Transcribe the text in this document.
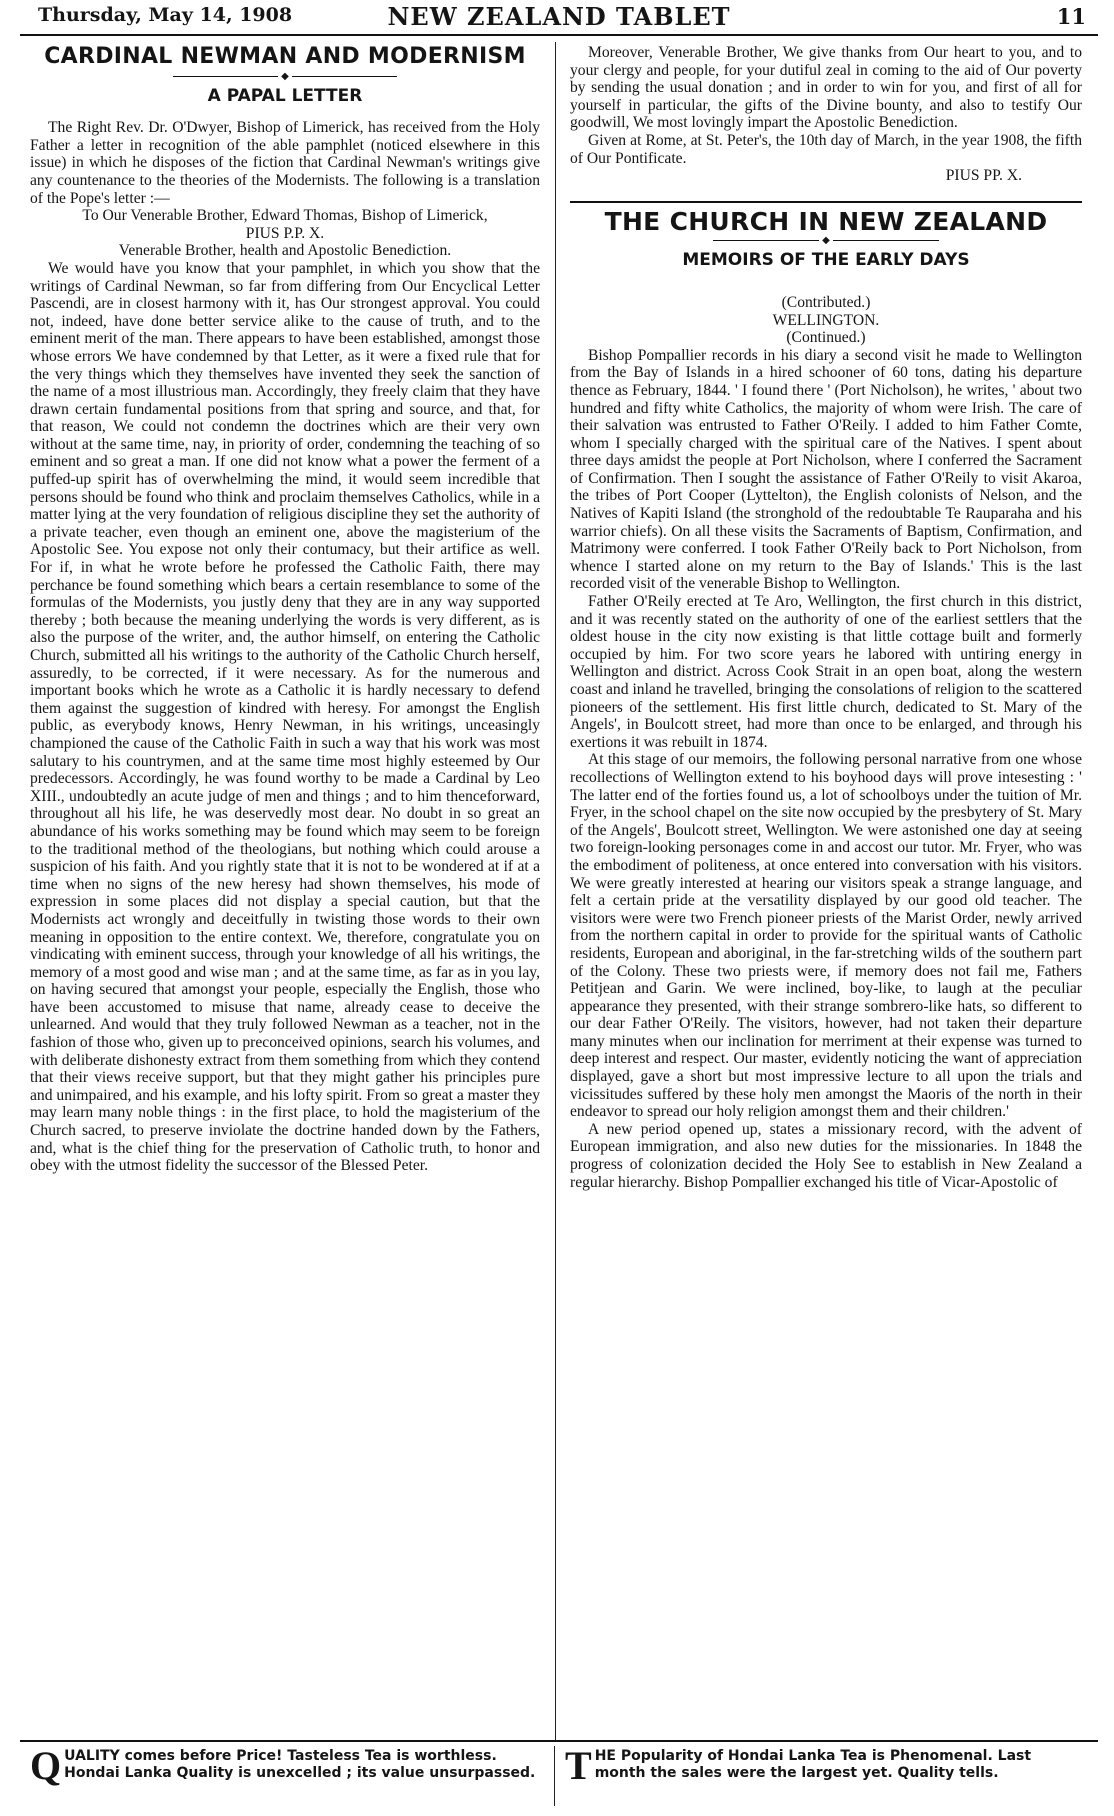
Thursday, May 14, 1908	NEW ZEALAND TABLET	11
CARDINAL NEWMAN AND MODERNISM
◆
A PAPAL LETTER

The Right Rev. Dr. O'Dwyer, Bishop of Limerick, has received from the Holy Father a letter in recognition of the able pamphlet (noticed elsewhere in this issue) in which he disposes of the fiction that Cardinal Newman's writings give any countenance to the theories of the Modernists. The following is a translation of the Pope's letter :—

To Our Venerable Brother, Edward Thomas, Bishop of Limerick,

PIUS P.P. X.

Venerable Brother, health and Apostolic Benediction.

We would have you know that your pamphlet, in which you show that the writings of Cardinal Newman, so far from differing from Our Encyclical Letter Pascendi, are in closest harmony with it, has Our strongest approval. You could not, indeed, have done better service alike to the cause of truth, and to the eminent merit of the man. There appears to have been established, amongst those whose errors We have condemned by that Letter, as it were a fixed rule that for the very things which they themselves have invented they seek the sanction of the name of a most illustrious man. Accordingly, they freely claim that they have drawn certain fundamental positions from that spring and source, and that, for that reason, We could not condemn the doctrines which are their very own without at the same time, nay, in priority of order, condemning the teaching of so eminent and so great a man. If one did not know what a power the ferment of a puffed-up spirit has of overwhelming the mind, it would seem incredible that persons should be found who think and proclaim themselves Catholics, while in a matter lying at the very foundation of religious discipline they set the authority of a private teacher, even though an eminent one, above the magisterium of the Apostolic See. You expose not only their contumacy, but their artifice as well. For if, in what he wrote before he professed the Catholic Faith, there may perchance be found something which bears a certain resemblance to some of the formulas of the Modernists, you justly deny that they are in any way supported thereby ; both because the meaning underlying the words is very different, as is also the purpose of the writer, and, the author himself, on entering the Catholic Church, submitted all his writings to the authority of the Catholic Church herself, assuredly, to be corrected, if it were necessary. As for the numerous and important books which he wrote as a Catholic it is hardly necessary to defend them against the suggestion of kindred with heresy. For amongst the English public, as everybody knows, Henry Newman, in his writings, unceasingly championed the cause of the Catholic Faith in such a way that his work was most salutary to his countrymen, and at the same time most highly esteemed by Our predecessors. Accordingly, he was found worthy to be made a Cardinal by Leo XIII., undoubtedly an acute judge of men and things ; and to him thenceforward, throughout all his life, he was deservedly most dear. No doubt in so great an abundance of his works something may be found which may seem to be foreign to the traditional method of the theologians, but nothing which could arouse a suspicion of his faith. And you rightly state that it is not to be wondered at if at a time when no signs of the new heresy had shown themselves, his mode of expression in some places did not display a special caution, but that the Modernists act wrongly and deceitfully in twisting those words to their own meaning in opposition to the entire context. We, therefore, congratulate you on vindicating with eminent success, through your knowledge of all his writings, the memory of a most good and wise man ; and at the same time, as far as in you lay, on having secured that amongst your people, especially the English, those who have been accustomed to misuse that name, already cease to deceive the unlearned. And would that they truly followed Newman as a teacher, not in the fashion of those who, given up to preconceived opinions, search his volumes, and with deliberate dishonesty extract from them something from which they contend that their views receive support, but that they might gather his principles pure and unimpaired, and his example, and his lofty spirit. From so great a master they may learn many noble things : in the first place, to hold the magisterium of the Church sacred, to preserve inviolate the doctrine handed down by the Fathers, and, what is the chief thing for the preservation of Catholic truth, to honor and obey with the utmost fidelity the successor of the Blessed Peter.

Moreover, Venerable Brother, We give thanks from Our heart to you, and to your clergy and people, for your dutiful zeal in coming to the aid of Our poverty by sending the usual donation ; and in order to win for you, and first of all for yourself in particular, the gifts of the Divine bounty, and also to testify Our goodwill, We most lovingly impart the Apostolic Benediction.

Given at Rome, at St. Peter's, the 10th day of March, in the year 1908, the fifth of Our Pontificate.

PIUS PP. X.

THE CHURCH IN NEW ZEALAND
◆
MEMOIRS OF THE EARLY DAYS

(Contributed.)

WELLINGTON.

(Continued.)

Bishop Pompallier records in his diary a second visit he made to Wellington from the Bay of Islands in a hired schooner of 60 tons, dating his departure thence as February, 1844. ' I found there ' (Port Nicholson), he writes, ' about two hundred and fifty white Catholics, the majority of whom were Irish. The care of their salvation was entrusted to Father O'Reily. I added to him Father Comte, whom I specially charged with the spiritual care of the Natives. I spent about three days amidst the people at Port Nicholson, where I conferred the Sacrament of Confirmation. Then I sought the assistance of Father O'Reily to visit Akaroa, the tribes of Port Cooper (Lyttelton), the English colonists of Nelson, and the Natives of Kapiti Island (the stronghold of the redoubtable Te Rauparaha and his warrior chiefs). On all these visits the Sacraments of Baptism, Confirmation, and Matrimony were conferred. I took Father O'Reily back to Port Nicholson, from whence I started alone on my return to the Bay of Islands.' This is the last recorded visit of the venerable Bishop to Wellington.

Father O'Reily erected at Te Aro, Wellington, the first church in this district, and it was recently stated on the authority of one of the earliest settlers that the oldest house in the city now existing is that little cottage built and formerly occupied by him. For two score years he labored with untiring energy in Wellington and district. Across Cook Strait in an open boat, along the western coast and inland he travelled, bringing the consolations of religion to the scattered pioneers of the settlement. His first little church, dedicated to St. Mary of the Angels', in Boulcott street, had more than once to be enlarged, and through his exertions it was rebuilt in 1874.

At this stage of our memoirs, the following personal narrative from one whose recollections of Wellington extend to his boyhood days will prove intesesting : ' The latter end of the forties found us, a lot of schoolboys under the tuition of Mr. Fryer, in the school chapel on the site now occupied by the presbytery of St. Mary of the Angels', Boulcott street, Wellington. We were astonished one day at seeing two foreign-looking personages come in and accost our tutor. Mr. Fryer, who was the embodiment of politeness, at once entered into conversation with his visitors. We were greatly interested at hearing our visitors speak a strange language, and felt a certain pride at the versatility displayed by our good old teacher. The visitors were were two French pioneer priests of the Marist Order, newly arrived from the northern capital in order to provide for the spiritual wants of Catholic residents, European and aboriginal, in the far-stretching wilds of the southern part of the Colony. These two priests were, if memory does not fail me, Fathers Petitjean and Garin. We were inclined, boy-like, to laugh at the peculiar appearance they presented, with their strange sombrero-like hats, so different to our dear Father O'Reily. The visitors, however, had not taken their departure many minutes when our inclination for merriment at their expense was turned to deep interest and respect. Our master, evidently noticing the want of appreciation displayed, gave a short but most impressive lecture to all upon the trials and vicissitudes suffered by these holy men amongst the Maoris of the north in their endeavor to spread our holy religion amongst them and their children.'

A new period opened up, states a missionary record, with the advent of European immigration, and also new duties for the missionaries. In 1848 the progress of colonization decided the Holy See to establish in New Zealand a regular hierarchy. Bishop Pompallier exchanged his title of Vicar-Apostolic of

Q UALITY comes before Price! Tasteless Tea is worthless.
Hondai Lanka Quality is unexcelled ; its value unsurpassed. T HE Popularity of Hondai Lanka Tea is Phenomenal. Last
month the sales were the largest yet. Quality tells.
